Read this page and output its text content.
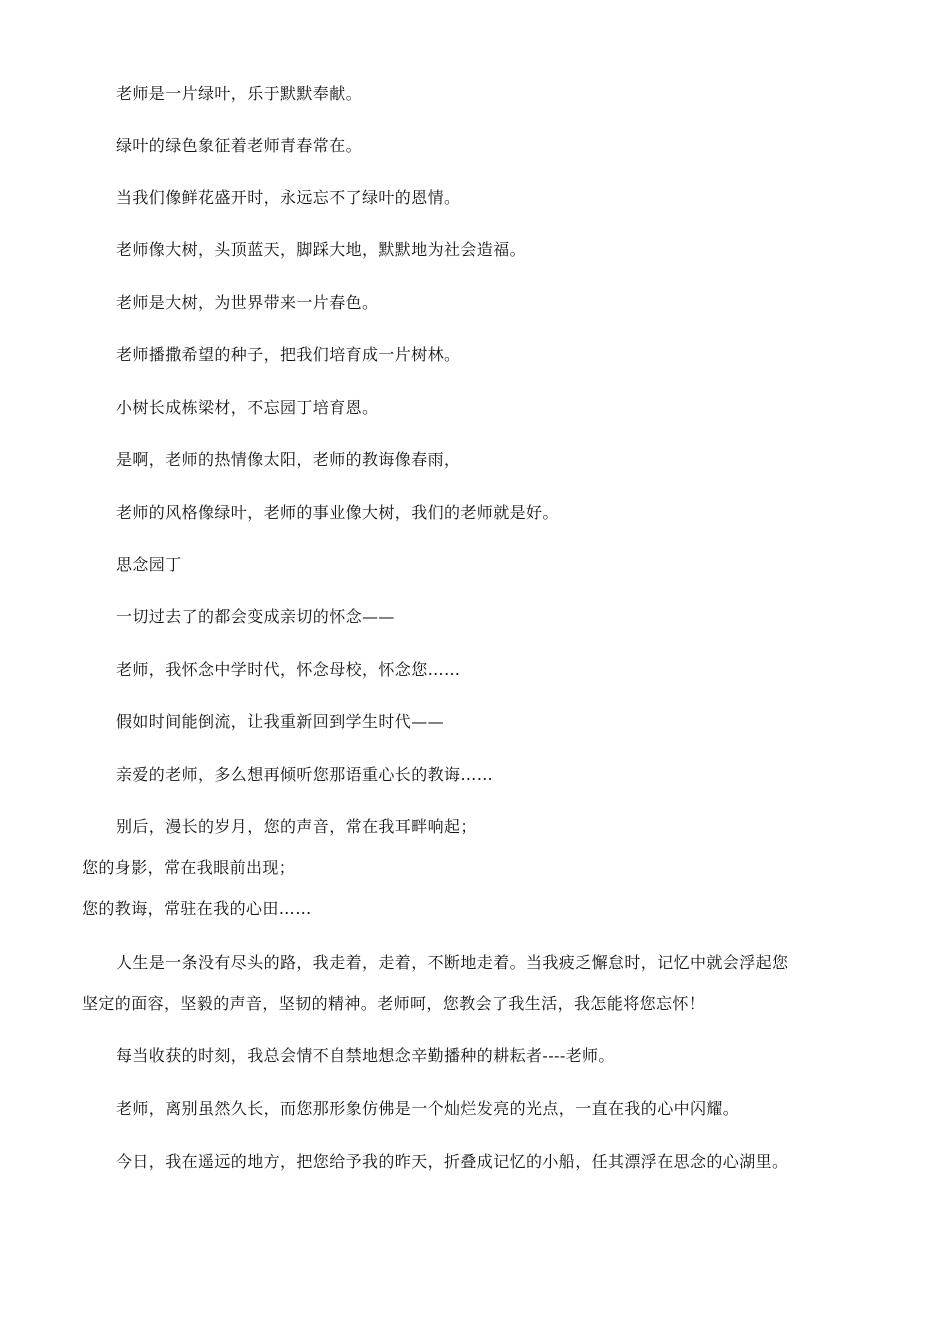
老师是一片绿叶，乐于默默奉献。
绿叶的绿色象征着老师青春常在。
当我们像鲜花盛开时，永远忘不了绿叶的恩情。
老师像大树，头顶蓝天，脚踩大地，默默地为社会造福。
老师是大树，为世界带来一片春色。
老师播撒希望的种子，把我们培育成一片树林。
小树长成栋梁材，不忘园丁培育恩。
是啊，老师的热情像太阳，老师的教诲像春雨，
老师的风格像绿叶，老师的事业像大树，我们的老师就是好。
思念园丁
一切过去了的都会变成亲切的怀念——
老师，我怀念中学时代，怀念母校，怀念您……
假如时间能倒流，让我重新回到学生时代——
亲爱的老师，多么想再倾听您那语重心长的教诲……
别后，漫长的岁月，您的声音，常在我耳畔响起；
您的身影，常在我眼前出现；
您的教诲，常驻在我的心田……
人生是一条没有尽头的路，我走着，走着，不断地走着。当我疲乏懈怠时，记忆中就会浮起您
坚定的面容，坚毅的声音，坚韧的精神。老师呵，您教会了我生活，我怎能将您忘怀！
每当收获的时刻，我总会情不自禁地想念辛勤播种的耕耘者----老师。
老师，离别虽然久长，而您那形象仿佛是一个灿烂发亮的光点，一直在我的心中闪耀。
今日，我在遥远的地方，把您给予我的昨天，折叠成记忆的小船，任其漂浮在思念的心湖里。
